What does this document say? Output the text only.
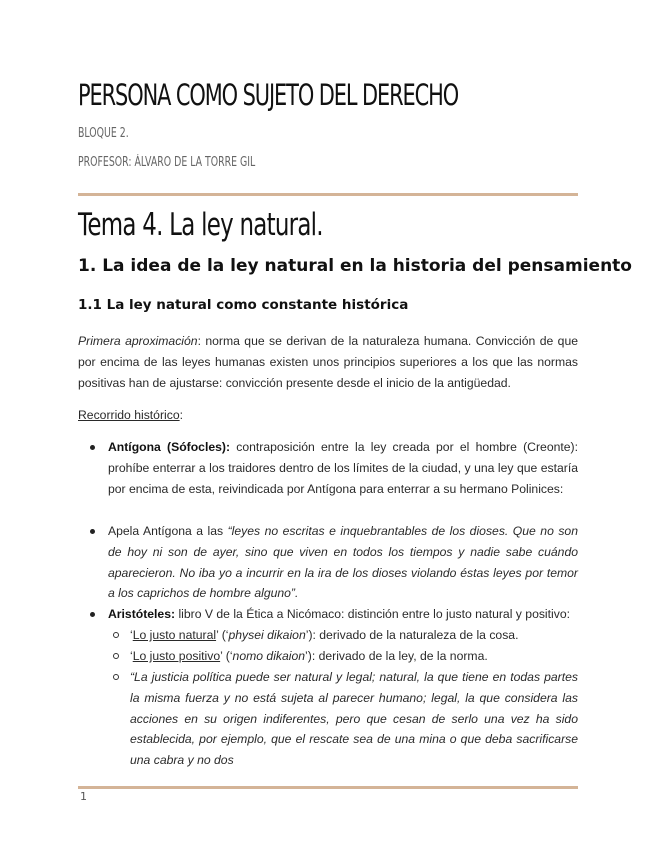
PERSONA COMO SUJETO DEL DERECHO

BLOQUE 2.

PROFESOR: ÁLVARO DE LA TORRE GIL

Tema 4. La ley natural.
1. La idea de la ley natural en la historia del pensamiento
1.1 La ley natural como constante histórica

Primera aproximación: norma que se derivan de la naturaleza humana. Convicción de que por encima de las leyes humanas existen unos principios superiores a los que las normas positivas han de ajustarse: convicción presente desde el inicio de la antigüedad.

Recorrido histórico:

Antígona (Sófocles): contraposición entre la ley creada por el hombre (Creonte): prohíbe enterrar a los traidores dentro de los límites de la ciudad, y una ley que estaría por encima de esta, reivindicada por Antígona para enterrar a su hermano Polinices:
Apela Antígona a las “leyes no escritas e inquebrantables de los dioses. Que no son de hoy ni son de ayer, sino que viven en todos los tiempos y nadie sabe cuándo aparecieron. No iba yo a incurrir en la ira de los dioses violando éstas leyes por temor a los caprichos de hombre alguno”.
Aristóteles: libro V de la Ética a Nicómaco: distinción entre lo justo natural y positivo:
‘Lo justo natural’ (‘physei dikaion’): derivado de la naturaleza de la cosa.
‘Lo justo positivo’ (‘nomo dikaion’): derivado de la ley, de la norma.
“La justicia política puede ser natural y legal; natural, la que tiene en todas partes la misma fuerza y no está sujeta al parecer humano; legal, la que considera las acciones en su origen indiferentes, pero que cesan de serlo una vez ha sido establecida, por ejemplo, que el rescate sea de una mina o que deba sacrificarse una cabra y no dos
1
